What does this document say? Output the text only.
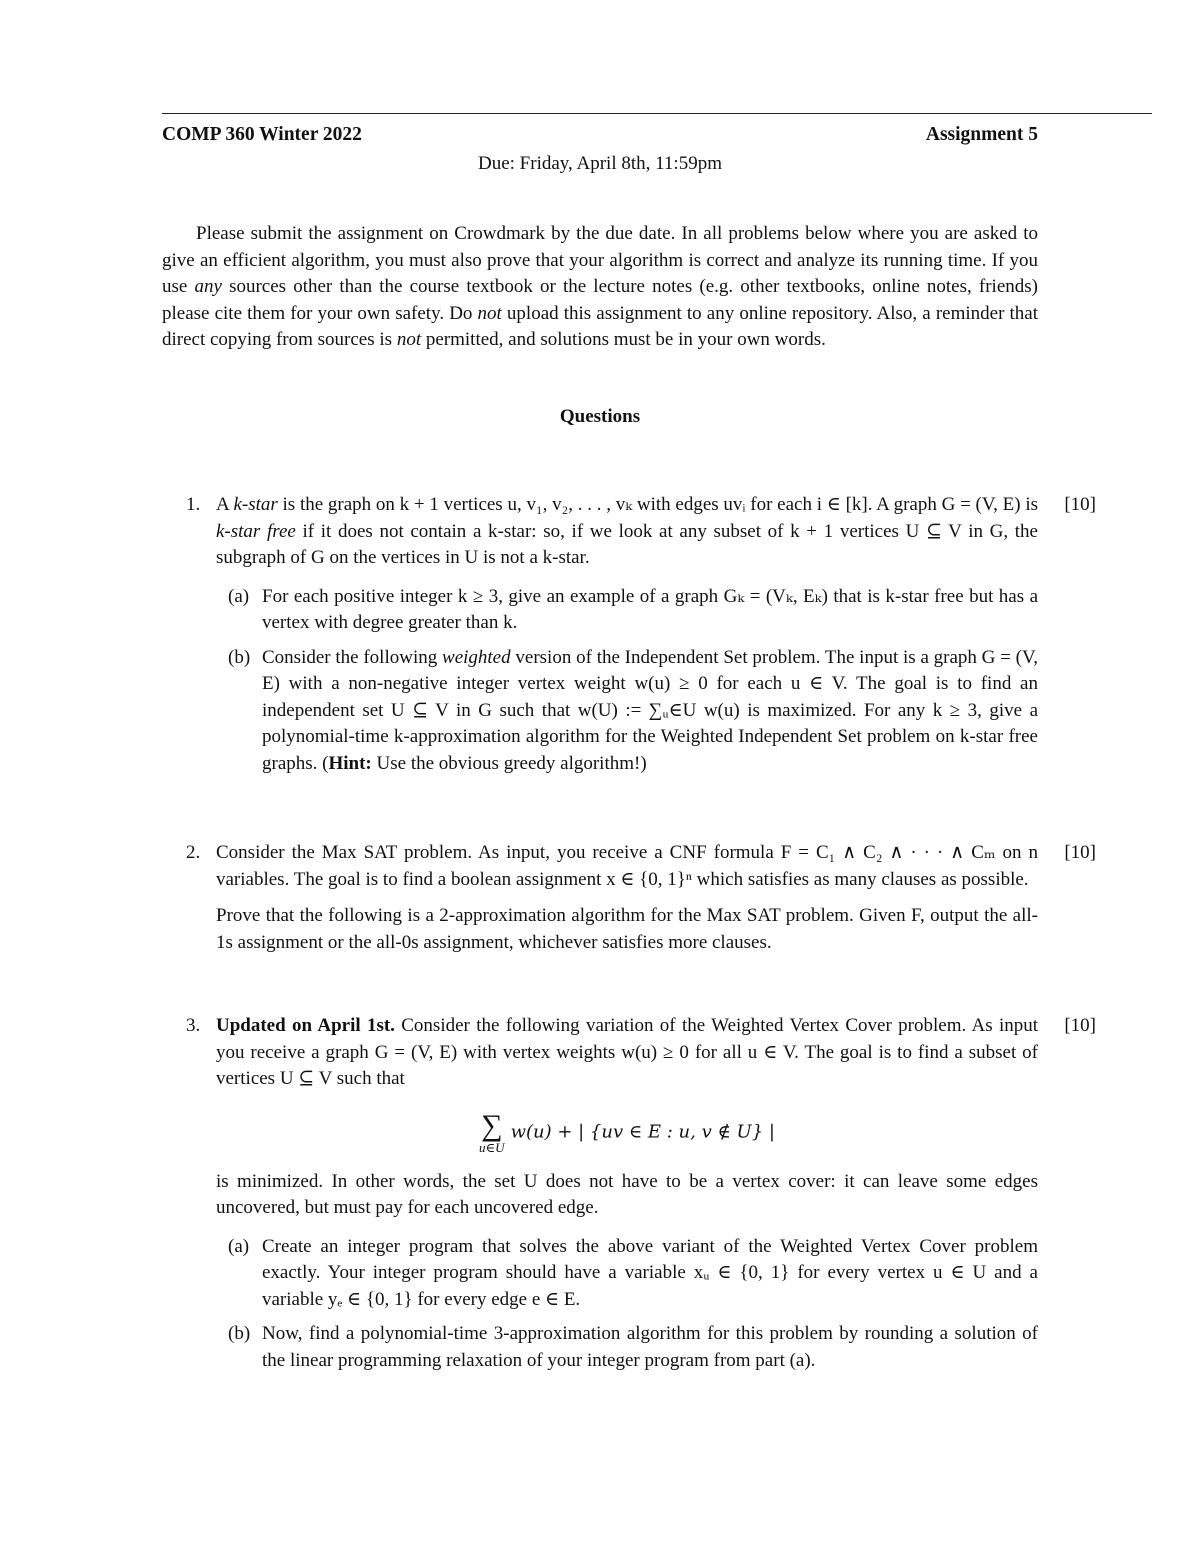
COMP 360 Winter 2022	Assignment 5
Due: Friday, April 8th, 11:59pm
Please submit the assignment on Crowdmark by the due date. In all problems below where you are asked to give an efficient algorithm, you must also prove that your algorithm is correct and analyze its running time. If you use any sources other than the course textbook or the lecture notes (e.g. other textbooks, online notes, friends) please cite them for your own safety. Do not upload this assignment to any online repository. Also, a reminder that direct copying from sources is not permitted, and solutions must be in your own words.
Questions
1.	[10]
A k-star is the graph on k + 1 vertices u, v₁, v₂, . . . , vₖ with edges uvᵢ for each i ∈ [k]. A graph G = (V, E) is k-star free if it does not contain a k-star: so, if we look at any subset of k + 1 vertices U ⊆ V in G, the subgraph of G on the vertices in U is not a k-star.
(a) For each positive integer k ≥ 3, give an example of a graph Gₖ = (Vₖ, Eₖ) that is k-star free but has a vertex with degree greater than k.
(b) Consider the following weighted version of the Independent Set problem. The input is a graph G = (V, E) with a non-negative integer vertex weight w(u) ≥ 0 for each u ∈ V. The goal is to find an independent set U ⊆ V in G such that w(U) := ∑ᵤ∈U w(u) is maximized. For any k ≥ 3, give a polynomial-time k-approximation algorithm for the Weighted Independent Set problem on k-star free graphs. (Hint: Use the obvious greedy algorithm!)
2.	[10]
Consider the Max SAT problem. As input, you receive a CNF formula F = C₁ ∧ C₂ ∧ · · · ∧ Cₘ on n variables. The goal is to find a boolean assignment x ∈ {0, 1}ⁿ which satisfies as many clauses as possible.
Prove that the following is a 2-approximation algorithm for the Max SAT problem. Given F, output the all-1s assignment or the all-0s assignment, whichever satisfies more clauses.
3.	[10]
Updated on April 1st. Consider the following variation of the Weighted Vertex Cover problem. As input you receive a graph G = (V, E) with vertex weights w(u) ≥ 0 for all u ∈ V. The goal is to find a subset of vertices U ⊆ V such that
∑
u∈U
w(u) + | {uv ∈ E : u, v ∉ U} |
is minimized. In other words, the set U does not have to be a vertex cover: it can leave some edges uncovered, but must pay for each uncovered edge.
(a) Create an integer program that solves the above variant of the Weighted Vertex Cover problem exactly. Your integer program should have a variable xᵤ ∈ {0, 1} for every vertex u ∈ U and a variable yₑ ∈ {0, 1} for every edge e ∈ E.
(b) Now, find a polynomial-time 3-approximation algorithm for this problem by rounding a solution of the linear programming relaxation of your integer program from part (a).
